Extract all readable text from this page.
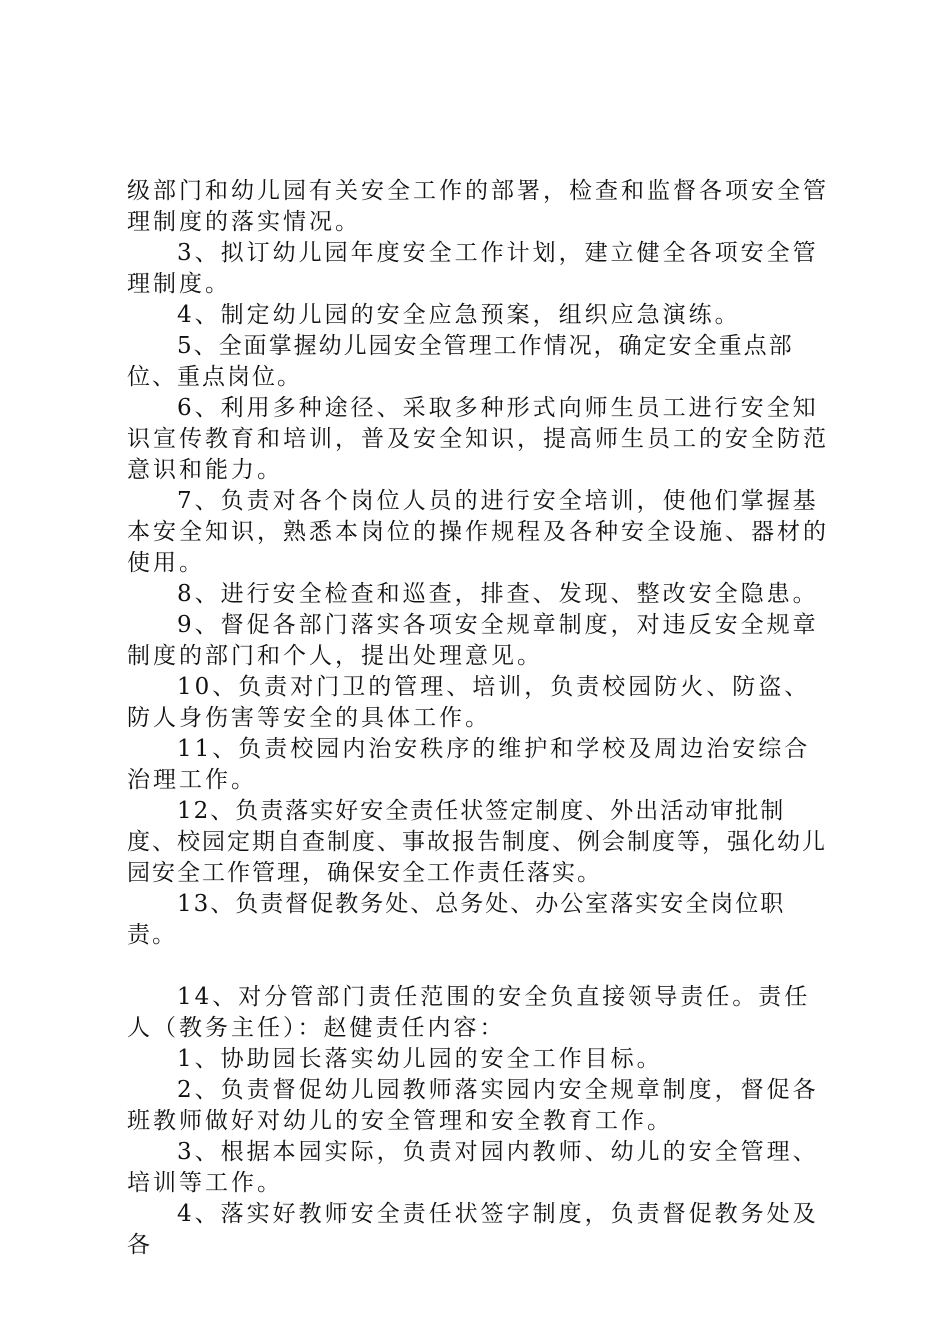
级部门和幼儿园有关安全工作的部署，检查和监督各项安全管理制度的落实情况。

3、拟订幼儿园年度安全工作计划，建立健全各项安全管理制度。

4、制定幼儿园的安全应急预案，组织应急演练。

5、全面掌握幼儿园安全管理工作情况，确定安全重点部位、重点岗位。

6、利用多种途径、采取多种形式向师生员工进行安全知识宣传教育和培训，普及安全知识，提高师生员工的安全防范意识和能力。

7、负责对各个岗位人员的进行安全培训，使他们掌握基本安全知识，熟悉本岗位的操作规程及各种安全设施、器材的使用。

8、进行安全检查和巡查，排查、发现、整改安全隐患。

9、督促各部门落实各项安全规章制度，对违反安全规章制度的部门和个人，提出处理意见。

10、负责对门卫的管理、培训，负责校园防火、防盗、防人身伤害等安全的具体工作。

11、负责校园内治安秩序的维护和学校及周边治安综合治理工作。

12、负责落实好安全责任状签定制度、外出活动审批制度、校园定期自查制度、事故报告制度、例会制度等，强化幼儿园安全工作管理，确保安全工作责任落实。

13、负责督促教务处、总务处、办公室落实安全岗位职责。

14、对分管部门责任范围的安全负直接领导责任。责任人（教务主任）：赵健责任内容：

1、协助园长落实幼儿园的安全工作目标。

2、负责督促幼儿园教师落实园内安全规章制度，督促各班教师做好对幼儿的安全管理和安全教育工作。

3、根据本园实际，负责对园内教师、幼儿的安全管理、培训等工作。

4、落实好教师安全责任状签字制度，负责督促教务处及各
